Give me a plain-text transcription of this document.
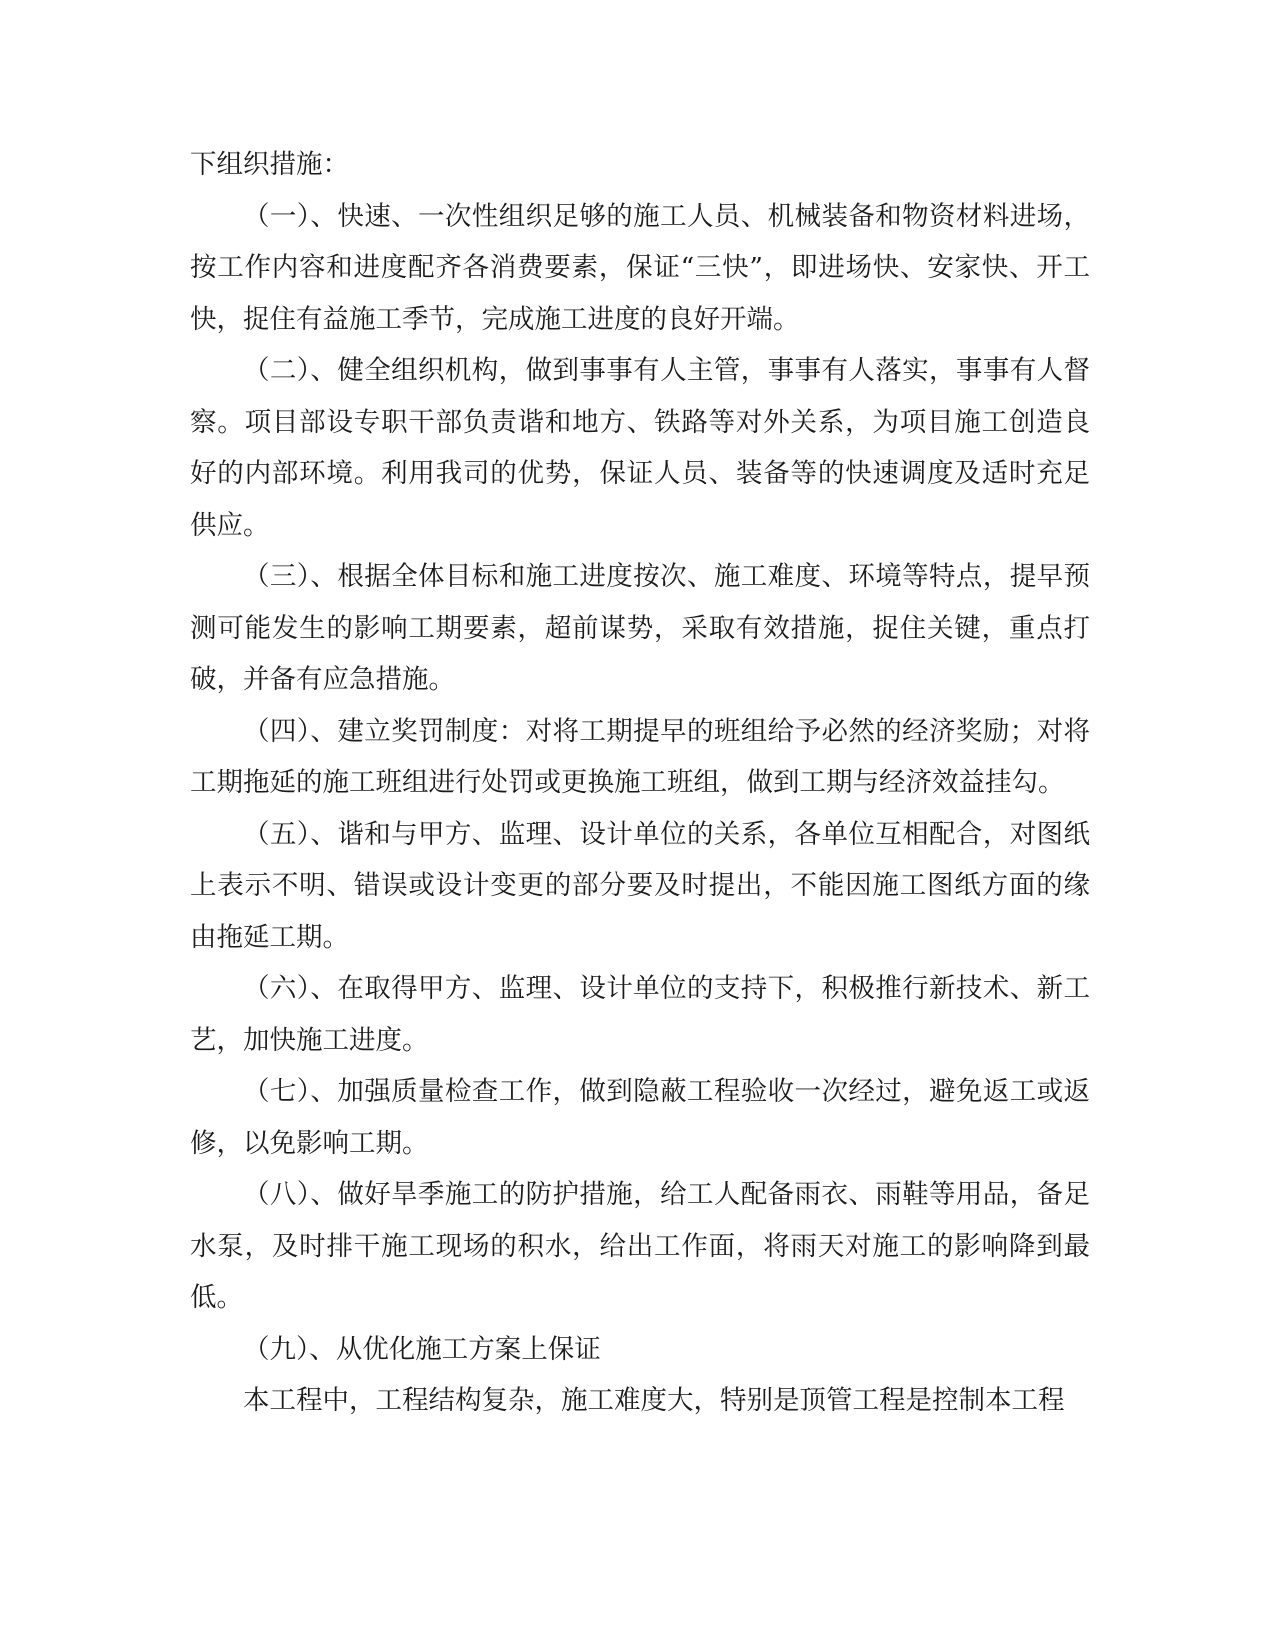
下组织措施：

（一）、快速、一次性组织足够的施工人员、机械装备和物资材料进场，按工作内容和进度配齐各消费要素，保证“三快”，即进场快、安家快、开工快，捉住有益施工季节，完成施工进度的良好开端。

（二）、健全组织机构，做到事事有人主管，事事有人落实，事事有人督察。项目部设专职干部负责谐和地方、铁路等对外关系，为项目施工创造良好的内部环境。利用我司的优势，保证人员、装备等的快速调度及适时充足供应。

（三）、根据全体目标和施工进度按次、施工难度、环境等特点，提早预测可能发生的影响工期要素，超前谋势，采取有效措施，捉住关键，重点打破，并备有应急措施。

（四）、建立奖罚制度：对将工期提早的班组给予必然的经济奖励；对将工期拖延的施工班组进行处罚或更换施工班组，做到工期与经济效益挂勾。

（五）、谐和与甲方、监理、设计单位的关系，各单位互相配合，对图纸上表示不明、错误或设计变更的部分要及时提出，不能因施工图纸方面的缘由拖延工期。

（六）、在取得甲方、监理、设计单位的支持下，积极推行新技术、新工艺，加快施工进度。

（七）、加强质量检查工作，做到隐蔽工程验收一次经过，避免返工或返修，以免影响工期。

（八）、做好旱季施工的防护措施，给工人配备雨衣、雨鞋等用品，备足水泵，及时排干施工现场的积水，给出工作面，将雨天对施工的影响降到最低。

（九）、从优化施工方案上保证

本工程中，工程结构复杂，施工难度大，特别是顶管工程是控制本工程
